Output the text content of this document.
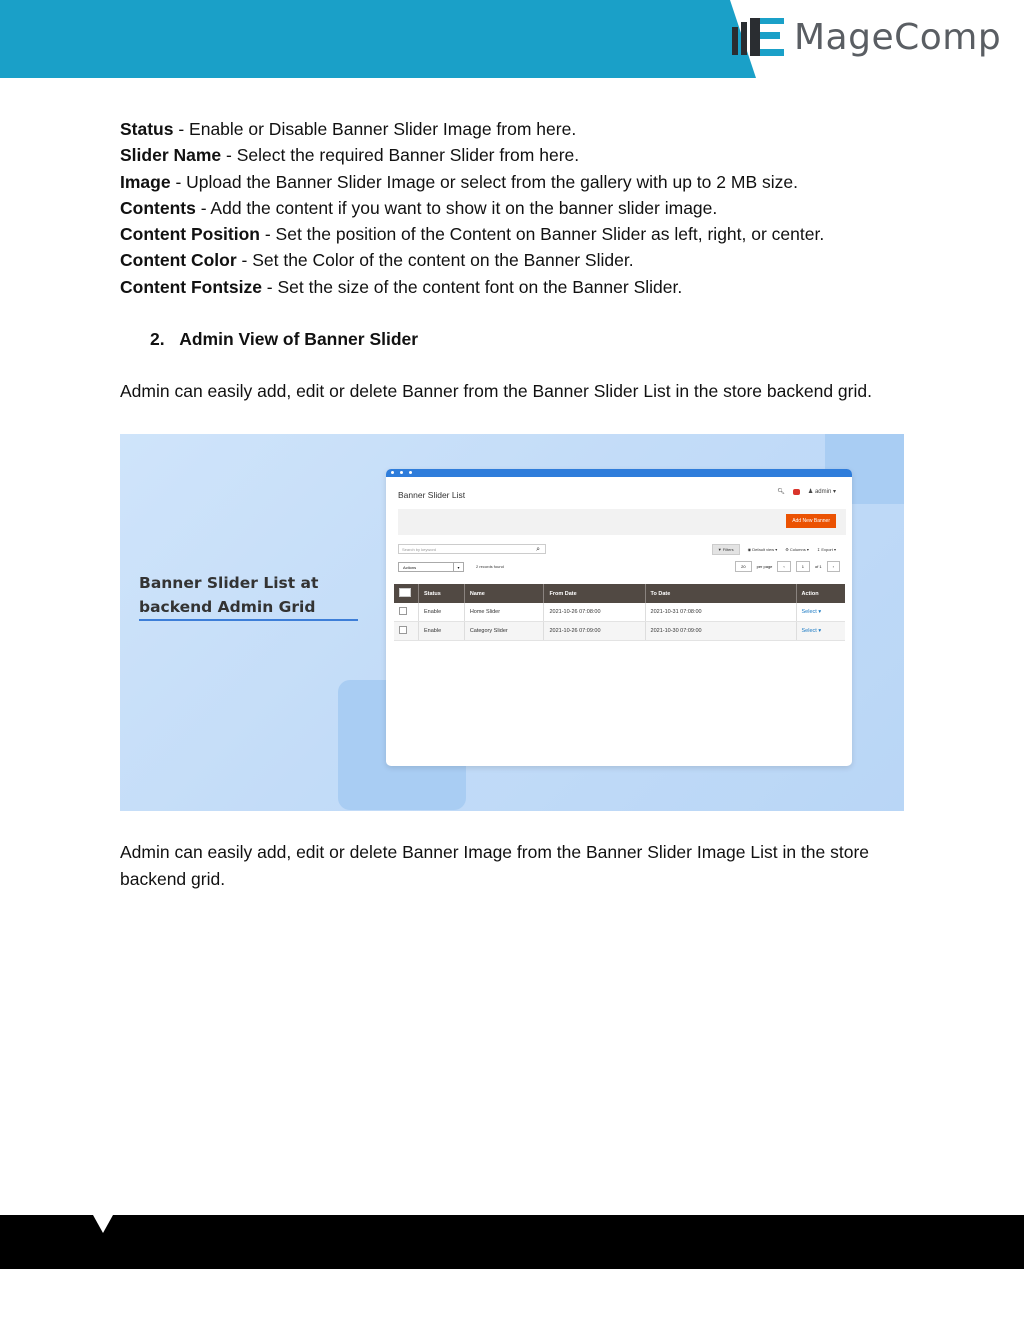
MageComp

Status - Enable or Disable Banner Slider Image from here.

Slider Name - Select the required Banner Slider from here.

Image - Upload the Banner Slider Image or select from the gallery with up to 2 MB size.

Contents - Add the content if you want to show it on the banner slider image.

Content Position - Set the position of the Content on Banner Slider as left, right, or center.

Content Color - Set the Color of the content on the Banner Slider.

Content Fontsize - Set the size of the content font on the Banner Slider.

2. Admin View of Banner Slider
Admin can easily add, edit or delete Banner from the Banner Slider List in the store backend grid.
Banner Slider List at
backend Admin Grid
Banner Slider List	🔍︎	♟ admin ▾
Add New Banner
Search by keyword	⌕	▼ Filters	◉ Default view ▾ ⚙ Columns ▾ ↧ Export ▾
Actions	▾	2 records found	20	per page	‹	1	of 1	›
	Status	Name	From Date	To Date	Action
	Enable	Home Slider	2021-10-26 07:08:00	2021-10-31 07:08:00	Select ▾
	Enable	Category Slider	2021-10-26 07:09:00	2021-10-30 07:09:00	Select ▾
Admin can easily add, edit or delete Banner Image from the Banner Slider Image List in the store backend grid.
